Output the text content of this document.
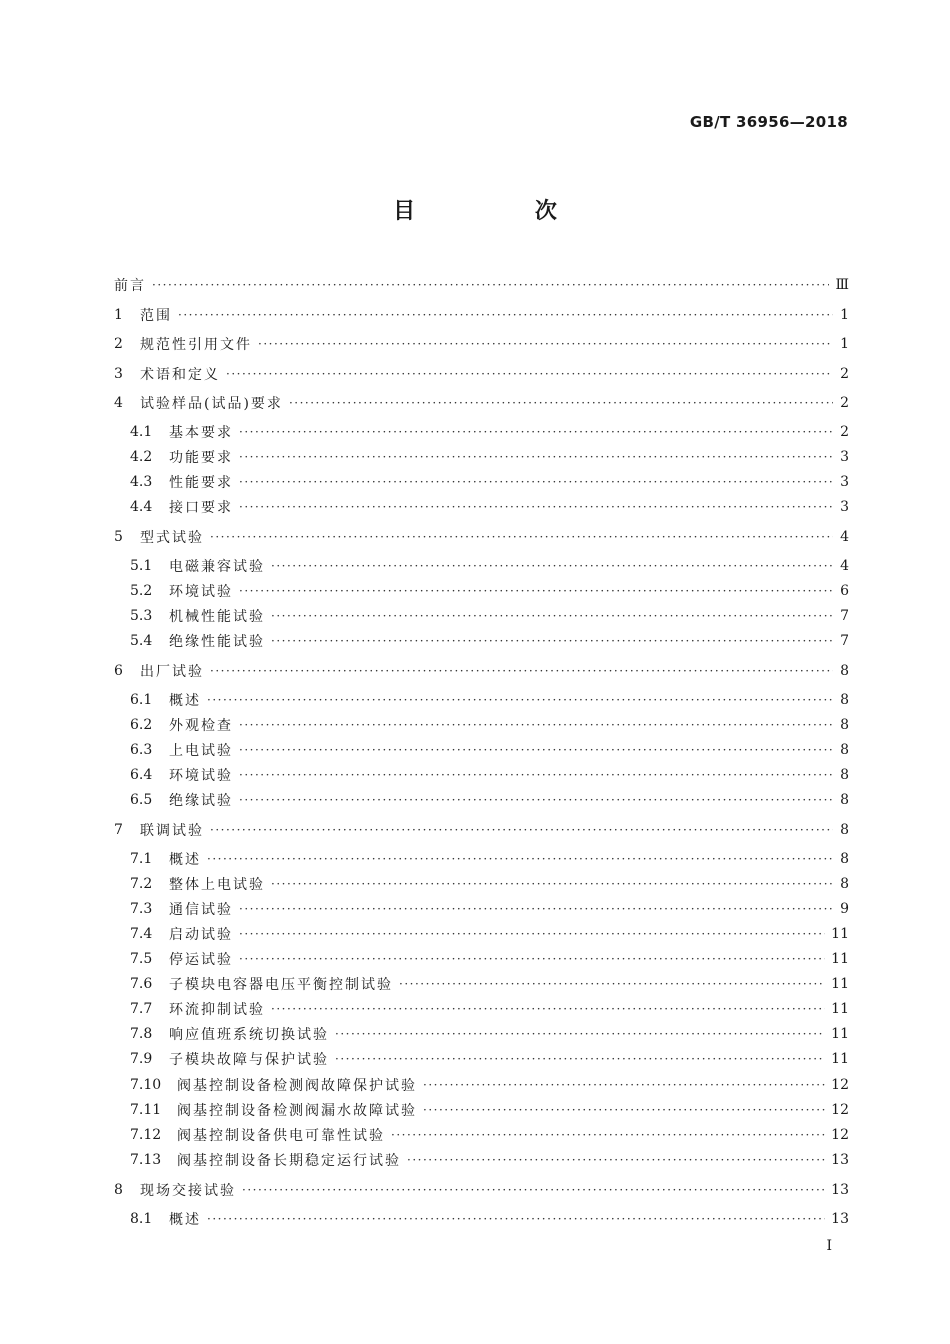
GB/T 36956—2018
目 次
前言 ·····	Ⅲ
1	范围 ·····	1
2	规范性引用文件 ·····	1
3	术语和定义 ·····	2
4	试验样品(试品)要求 ·····	2
4.1	基本要求 ·····	2
4.2	功能要求 ·····	3
4.3	性能要求 ·····	3
4.4	接口要求 ·····	3
5	型式试验 ·····	4
5.1	电磁兼容试验 ·····	4
5.2	环境试验 ·····	6
5.3	机械性能试验 ·····	7
5.4	绝缘性能试验 ·····	7
6	出厂试验 ·····	8
6.1	概述 ·····	8
6.2	外观检查 ·····	8
6.3	上电试验 ·····	8
6.4	环境试验 ·····	8
6.5	绝缘试验 ·····	8
7	联调试验 ·····	8
7.1	概述 ·····	8
7.2	整体上电试验 ·····	8
7.3	通信试验 ·····	9
7.4	启动试验 ·····	11
7.5	停运试验 ·····	11
7.6	子模块电容器电压平衡控制试验 ·····	11
7.7	环流抑制试验 ·····	11
7.8	响应值班系统切换试验 ·····	11
7.9	子模块故障与保护试验 ·····	11
7.10	阀基控制设备检测阀故障保护试验 ·····	12
7.11	阀基控制设备检测阀漏水故障试验 ·····	12
7.12	阀基控制设备供电可靠性试验 ·····	12
7.13	阀基控制设备长期稳定运行试验 ·····	13
8	现场交接试验 ·····	13
8.1	概述 ·····	13
I
